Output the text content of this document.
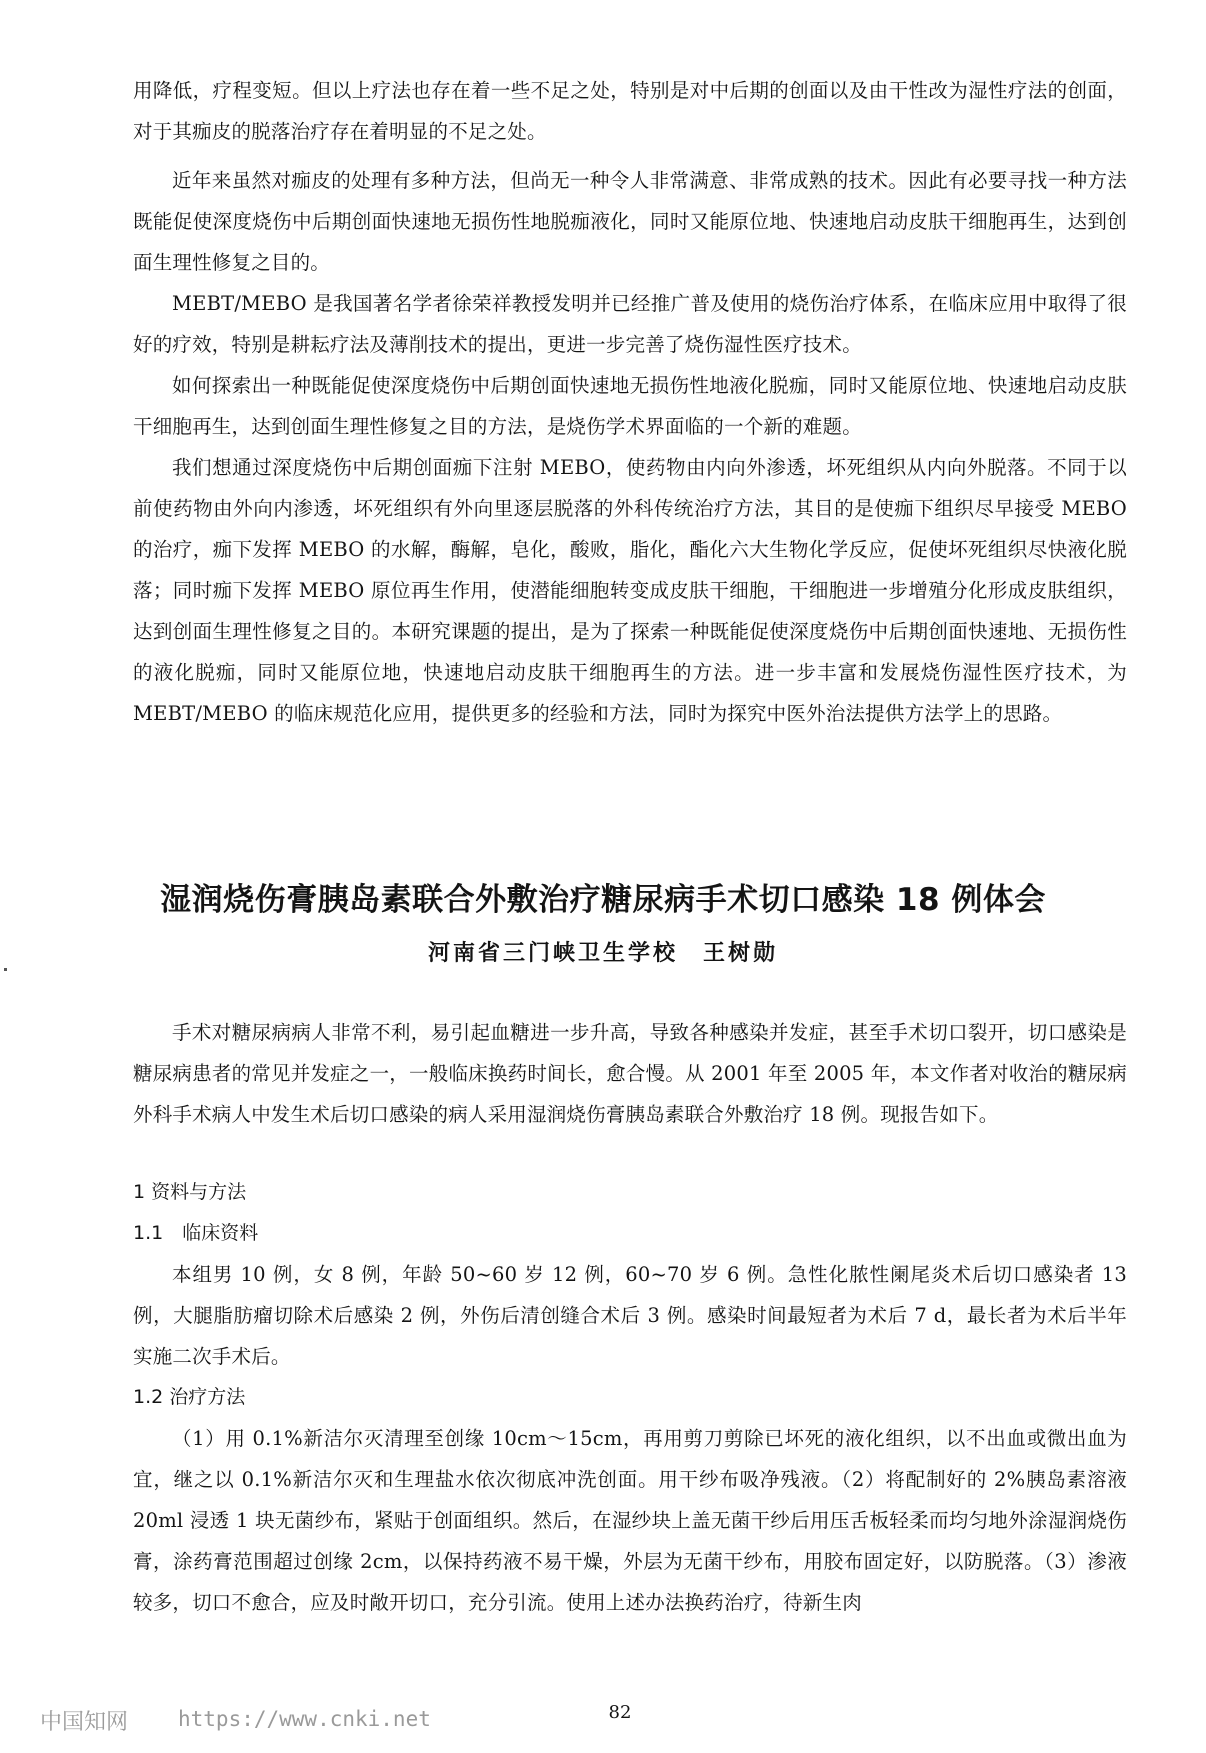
用降低，疗程变短。但以上疗法也存在着一些不足之处，特别是对中后期的创面以及由干性改为湿性疗法的创面，对于其痂皮的脱落治疗存在着明显的不足之处。

近年来虽然对痂皮的处理有多种方法，但尚无一种令人非常满意、非常成熟的技术。因此有必要寻找一种方法既能促使深度烧伤中后期创面快速地无损伤性地脱痂液化，同时又能原位地、快速地启动皮肤干细胞再生，达到创面生理性修复之目的。

MEBT/MEBO 是我国著名学者徐荣祥教授发明并已经推广普及使用的烧伤治疗体系，在临床应用中取得了很好的疗效，特别是耕耘疗法及薄削技术的提出，更进一步完善了烧伤湿性医疗技术。

如何探索出一种既能促使深度烧伤中后期创面快速地无损伤性地液化脱痂，同时又能原位地、快速地启动皮肤干细胞再生，达到创面生理性修复之目的方法，是烧伤学术界面临的一个新的难题。

我们想通过深度烧伤中后期创面痂下注射 MEBO，使药物由内向外渗透，坏死组织从内向外脱落。不同于以前使药物由外向内渗透，坏死组织有外向里逐层脱落的外科传统治疗方法，其目的是使痂下组织尽早接受 MEBO 的治疗，痂下发挥 MEBO 的水解，酶解，皂化，酸败，脂化，酯化六大生物化学反应，促使坏死组织尽快液化脱落；同时痂下发挥 MEBO 原位再生作用，使潜能细胞转变成皮肤干细胞，干细胞进一步增殖分化形成皮肤组织，达到创面生理性修复之目的。本研究课题的提出，是为了探索一种既能促使深度烧伤中后期创面快速地、无损伤性的液化脱痂，同时又能原位地，快速地启动皮肤干细胞再生的方法。进一步丰富和发展烧伤湿性医疗技术，为 MEBT/MEBO 的临床规范化应用，提供更多的经验和方法，同时为探究中医外治法提供方法学上的思路。

湿润烧伤膏胰岛素联合外敷治疗糖尿病手术切口感染 18 例体会
河南省三门峡卫生学校　王树勋

手术对糖尿病病人非常不利，易引起血糖进一步升高，导致各种感染并发症，甚至手术切口裂开，切口感染是糖尿病患者的常见并发症之一，一般临床换药时间长，愈合慢。从 2001 年至 2005 年，本文作者对收治的糖尿病外科手术病人中发生术后切口感染的病人采用湿润烧伤膏胰岛素联合外敷治疗 18 例。现报告如下。

1 资料与方法
1.1　临床资料

本组男 10 例，女 8 例，年龄 50~60 岁 12 例，60~70 岁 6 例。急性化脓性阑尾炎术后切口感染者 13 例，大腿脂肪瘤切除术后感染 2 例，外伤后清创缝合术后 3 例。感染时间最短者为术后 7 d，最长者为术后半年实施二次手术后。

1.2 治疗方法

（1）用 0.1%新洁尔灭清理至创缘 10cm～15cm，再用剪刀剪除已坏死的液化组织，以不出血或微出血为宜，继之以 0.1%新洁尔灭和生理盐水依次彻底冲洗创面。用干纱布吸净残液。（2）将配制好的 2%胰岛素溶液 20ml 浸透 1 块无菌纱布，紧贴于创面组织。然后，在湿纱块上盖无菌干纱后用压舌板轻柔而均匀地外涂湿润烧伤膏，涂药膏范围超过创缘 2cm，以保持药液不易干燥，外层为无菌干纱布，用胶布固定好，以防脱落。（3）渗液较多，切口不愈合，应及时敞开切口，充分引流。使用上述办法换药治疗，待新生肉

82
中国知网 https://www.cnki.net
